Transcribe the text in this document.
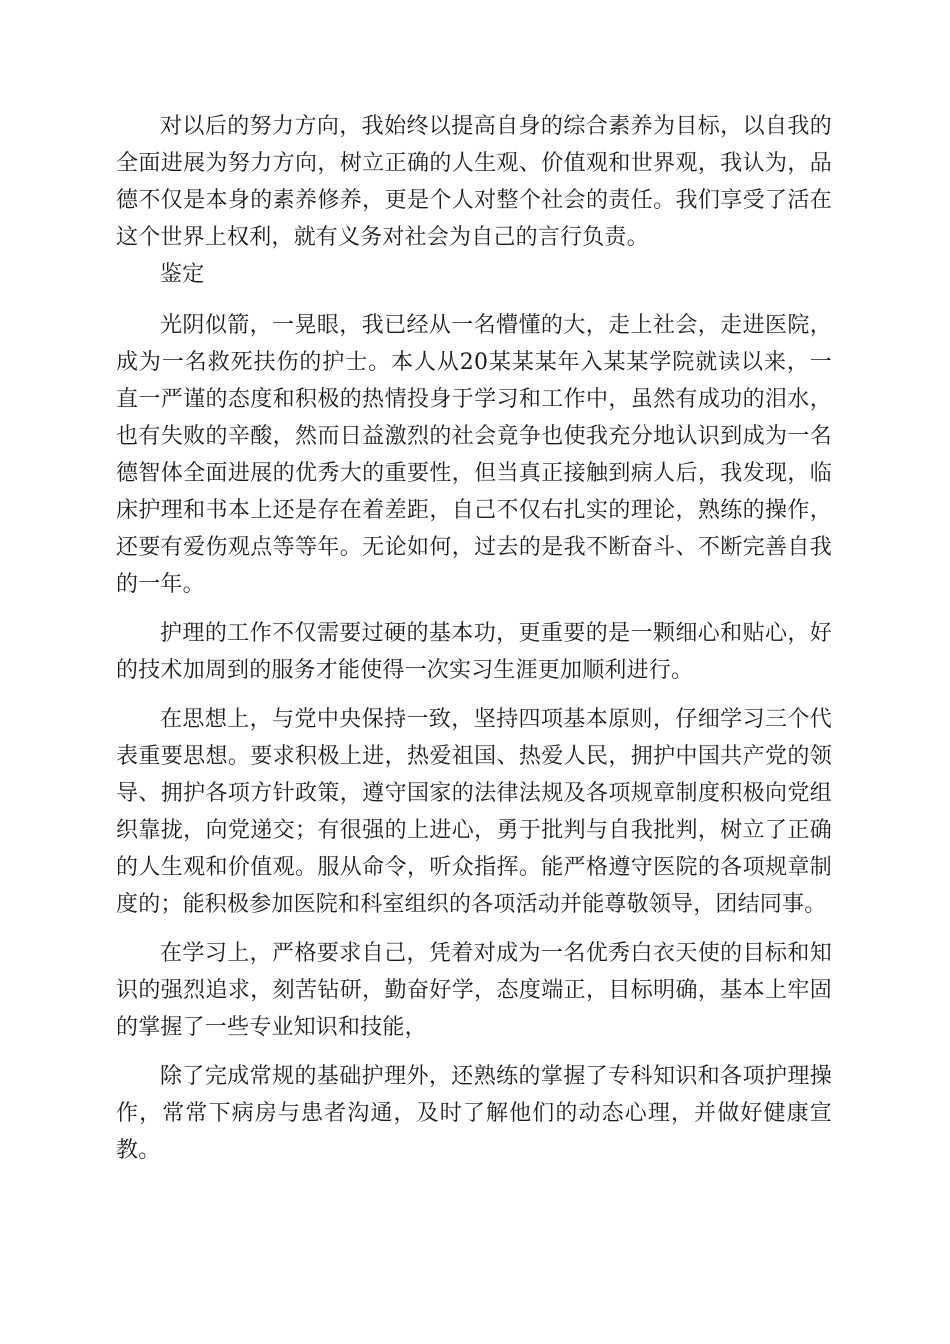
对以后的努力方向，我始终以提高自身的综合素养为目标，以自我的全面进展为努力方向，树立正确的人生观、价值观和世界观，我认为，品德不仅是本身的素养修养，更是个人对整个社会的责任。我们享受了活在这个世界上权利，就有义务对社会为自己的言行负责。

鉴定

光阴似箭，一晃眼，我已经从一名懵懂的大，走上社会，走进医院，成为一名救死扶伤的护士。本人从20某某某年入某某学院就读以来，一直一严谨的态度和积极的热情投身于学习和工作中，虽然有成功的泪水，也有失败的辛酸，然而日益激烈的社会竟争也使我充分地认识到成为一名德智体全面进展的优秀大的重要性，但当真正接触到病人后，我发现，临床护理和书本上还是存在着差距，自己不仅右扎实的理论，熟练的操作，还要有爱伤观点等等年。无论如何，过去的是我不断奋斗、不断完善自我的一年。

护理的工作不仅需要过硬的基本功，更重要的是一颗细心和贴心，好的技术加周到的服务才能使得一次实习生涯更加顺利进行。

在思想上，与党中央保持一致，坚持四项基本原则，仔细学习三个代表重要思想。要求积极上进，热爱祖国、热爱人民，拥护中国共产党的领导、拥护各项方针政策，遵守国家的法律法规及各项规章制度积极向党组织靠拢，向党递交；有很强的上进心，勇于批判与自我批判，树立了正确的人生观和价值观。服从命令，听众指挥。能严格遵守医院的各项规章制度的；能积极参加医院和科室组织的各项活动并能尊敬领导，团结同事。

在学习上，严格要求自己，凭着对成为一名优秀白衣天使的目标和知识的强烈追求，刻苦钻研，勤奋好学，态度端正，目标明确，基本上牢固的掌握了一些专业知识和技能，

除了完成常规的基础护理外，还熟练的掌握了专科知识和各项护理操作，常常下病房与患者沟通，及时了解他们的动态心理，并做好健康宣教。
